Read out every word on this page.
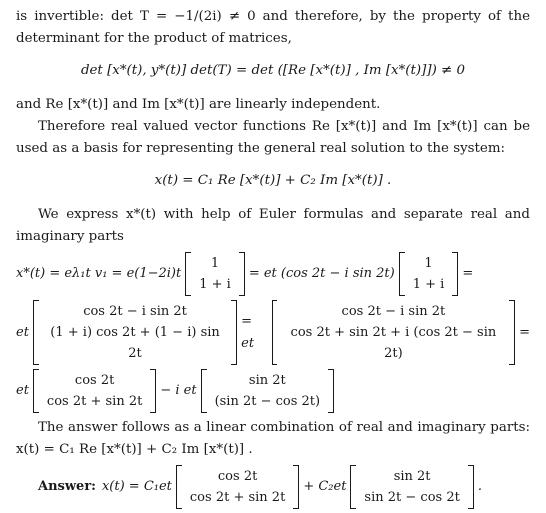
is invertible: det T = −1/(2i) ≠ 0 and therefore, by the property of the determinant for the product of matrices,

det [x*(t), y*(t)] det(T) = det ([Re [x*(t)] , Im [x*(t)]]) ≠ 0

and Re [x*(t)] and Im [x*(t)] are linearly independent.

Therefore real valued vector functions Re [x*(t)] and Im [x*(t)] can be used as a basis for representing the general real solution to the system:

x(t) = C₁ Re [x*(t)] + C₂ Im [x*(t)] .

We express x*(t) with help of Euler formulas and separate real and imaginary parts

x*(t) = eλ₁t v₁ = e(1−2i)t
1
1 + i
= et (cos 2t − i sin 2t)
1
1 + i
=
et
cos 2t − i sin 2t
(1 + i) cos 2t + (1 − i) sin 2t
= et
cos 2t − i sin 2t
cos 2t + sin 2t + i (cos 2t − sin 2t)
=
et
cos 2t
cos 2t + sin 2t
− i et
sin 2t
(sin 2t − cos 2t)

The answer follows as a linear combination of real and imaginary parts: x(t) = C₁ Re [x*(t)] + C₂ Im [x*(t)] .

Answer: x(t) = C₁et
cos 2t
cos 2t + sin 2t
+ C₂et
sin 2t
sin 2t − cos 2t
.
